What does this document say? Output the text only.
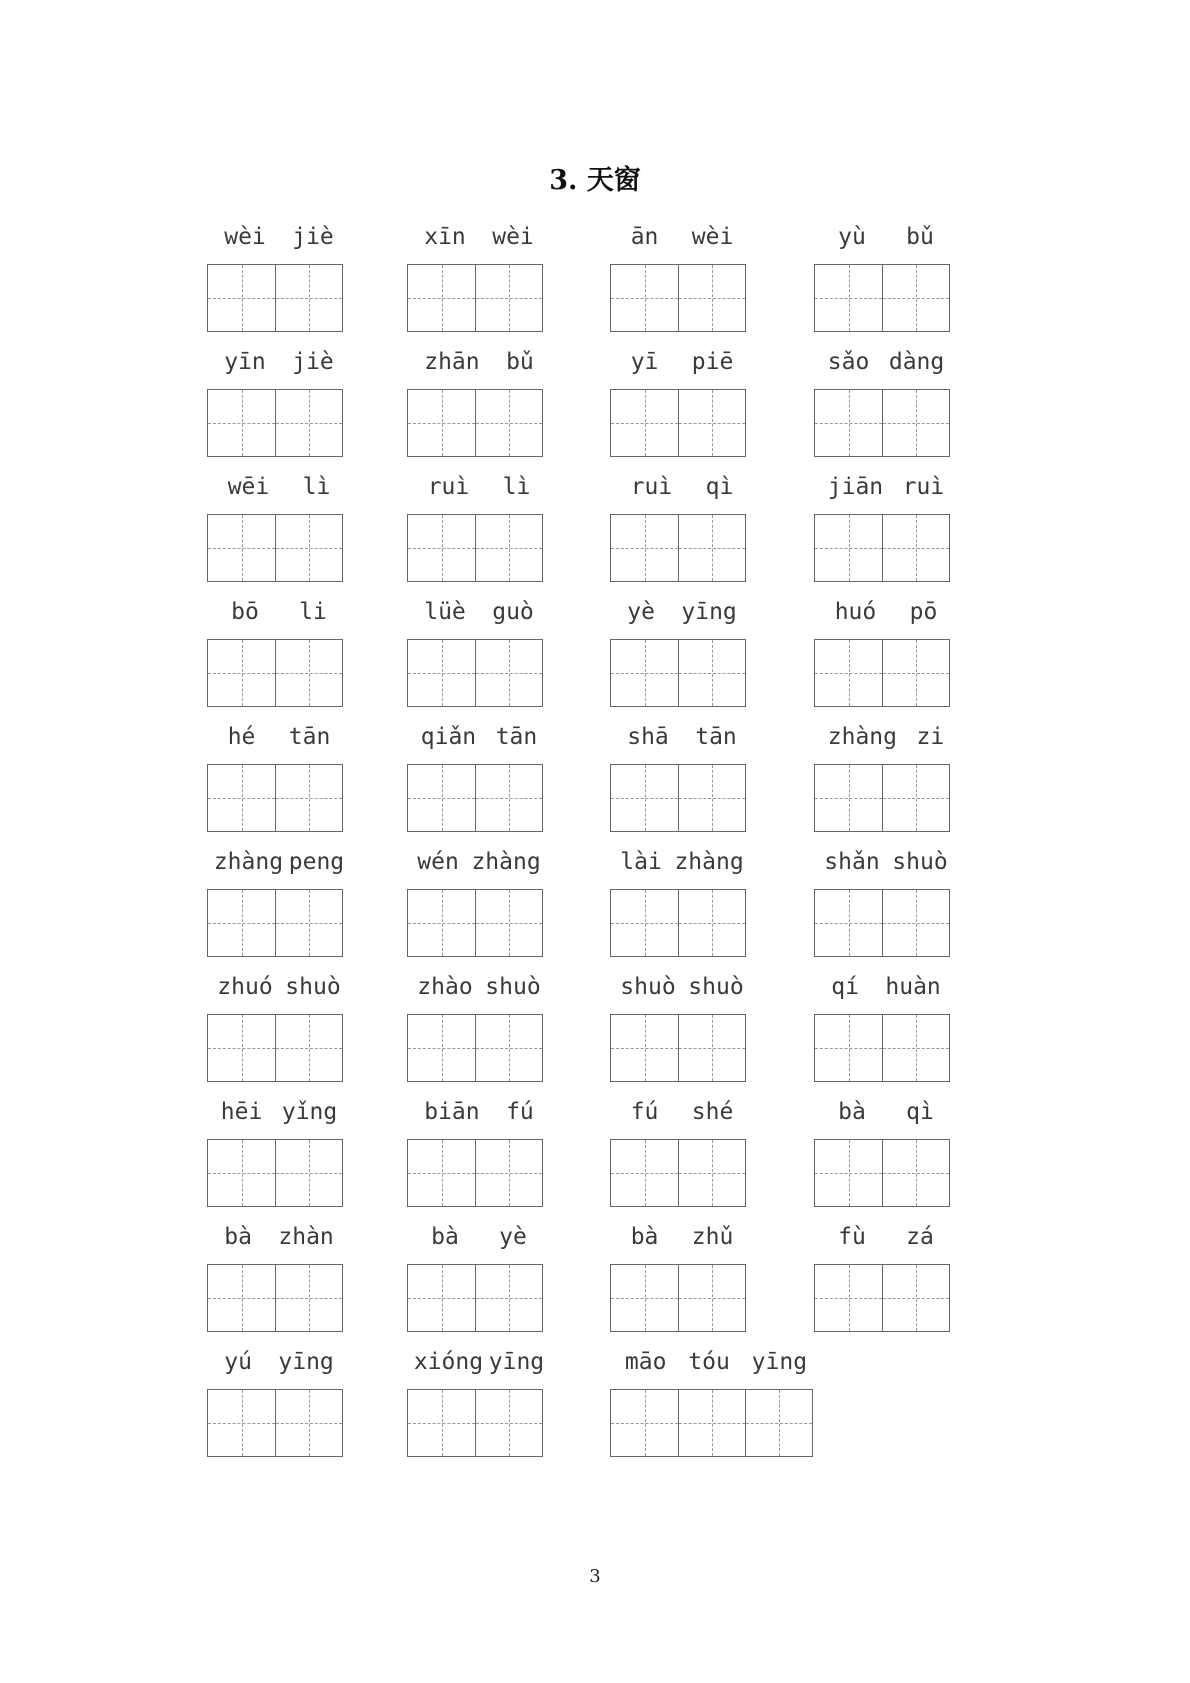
3. 天窗
wèi jiè	xīn wèi	ān wèi	yù bǔ
yīn jiè	zhān bǔ	yī piē	sǎo dàng
wēi lì	ruì lì	ruì qì	jiān ruì
bō li	lüè guò	yè yīng	huó pō
hé tān	qiǎn tān	shā tān	zhàng zi
zhàng peng	wén zhàng	lài zhàng	shǎn shuò
zhuó shuò	zhào shuò	shuò shuò	qí huàn
hēi yǐng	biān fú	fú shé	bà qì
bà zhàn	bà yè	bà zhǔ	fù zá
yú yīng	xióng yīng	māo tóu yīng
3
